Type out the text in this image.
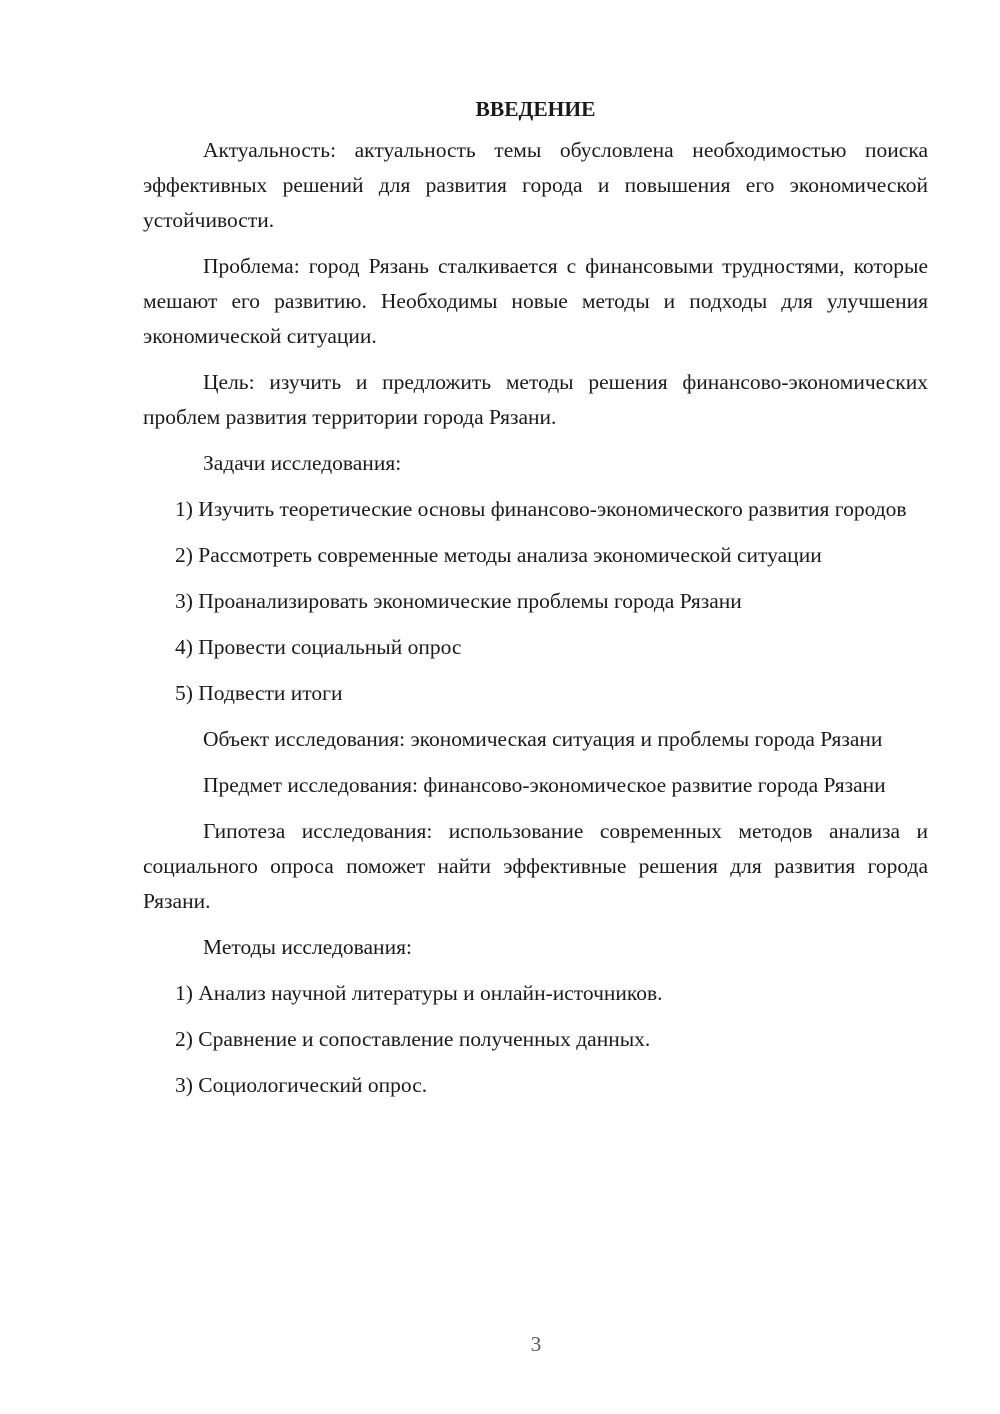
ВВЕДЕНИЕ

Актуальность: актуальность темы обусловлена необходимостью поиска эффективных решений для развития города и повышения его экономической устойчивости.

Проблема: город Рязань сталкивается с финансовыми трудностями, которые мешают его развитию. Необходимы новые методы и подходы для улучшения экономической ситуации.

Цель: изучить и предложить методы решения финансово-экономических проблем развития территории города Рязани.

Задачи исследования:

1) Изучить теоретические основы финансово-экономического развития городов

2) Рассмотреть современные методы анализа экономической ситуации

3) Проанализировать экономические проблемы города Рязани

4) Провести социальный опрос

5) Подвести итоги

Объект исследования: экономическая ситуация и проблемы города Рязани

Предмет исследования: финансово-экономическое развитие города Рязани

Гипотеза исследования: использование современных методов анализа и социального опроса поможет найти эффективные решения для развития города Рязани.

Методы исследования:

1) Анализ научной литературы и онлайн-источников.

2) Сравнение и сопоставление полученных данных.

3) Социологический опрос.

3
